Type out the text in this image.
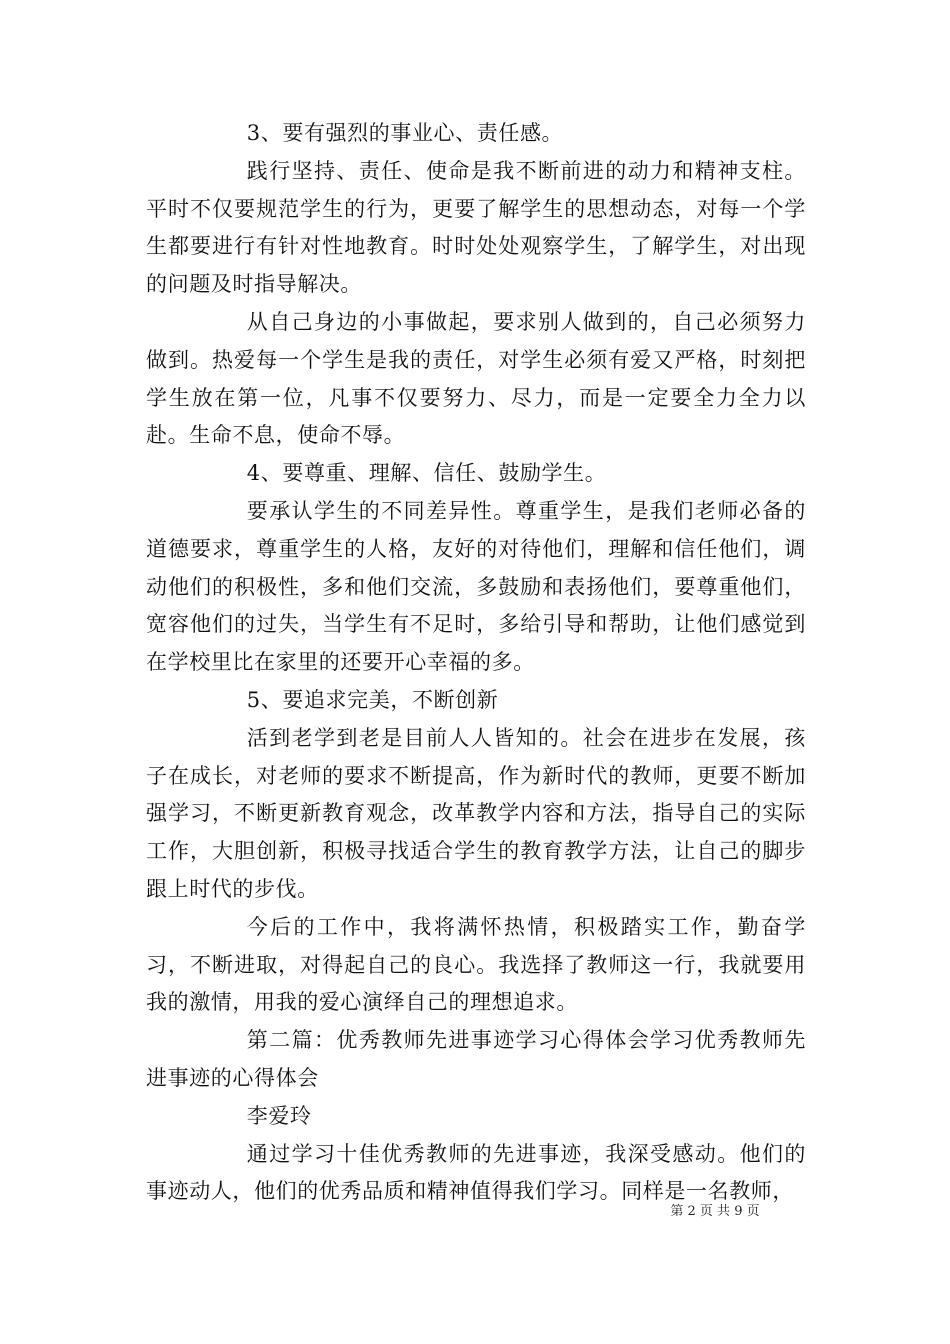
3、要有强烈的事业心、责任感。

践行坚持、责任、使命是我不断前进的动力和精神支柱。平时不仅要规范学生的行为，更要了解学生的思想动态，对每一个学生都要进行有针对性地教育。时时处处观察学生，了解学生，对出现的问题及时指导解决。

从自己身边的小事做起，要求别人做到的，自己必须努力做到。热爱每一个学生是我的责任，对学生必须有爱又严格，时刻把学生放在第一位，凡事不仅要努力、尽力，而是一定要全力全力以赴。生命不息，使命不辱。

4、要尊重、理解、信任、鼓励学生。

要承认学生的不同差异性。尊重学生，是我们老师必备的道德要求，尊重学生的人格，友好的对待他们，理解和信任他们，调动他们的积极性，多和他们交流，多鼓励和表扬他们，要尊重他们，宽容他们的过失，当学生有不足时，多给引导和帮助，让他们感觉到在学校里比在家里的还要开心幸福的多。

5、要追求完美，不断创新

活到老学到老是目前人人皆知的。社会在进步在发展，孩子在成长，对老师的要求不断提高，作为新时代的教师，更要不断加强学习，不断更新教育观念，改革教学内容和方法，指导自己的实际工作，大胆创新，积极寻找适合学生的教育教学方法，让自己的脚步跟上时代的步伐。

今后的工作中，我将满怀热情，积极踏实工作，勤奋学习，不断进取，对得起自己的良心。我选择了教师这一行，我就要用我的激情，用我的爱心演绎自己的理想追求。

第二篇：优秀教师先进事迹学习心得体会学习优秀教师先进事迹的心得体会

李爱玲

通过学习十佳优秀教师的先进事迹，我深受感动。他们的事迹动人，他们的优秀品质和精神值得我们学习。同样是一名教师，

第 2 页 共 9 页
